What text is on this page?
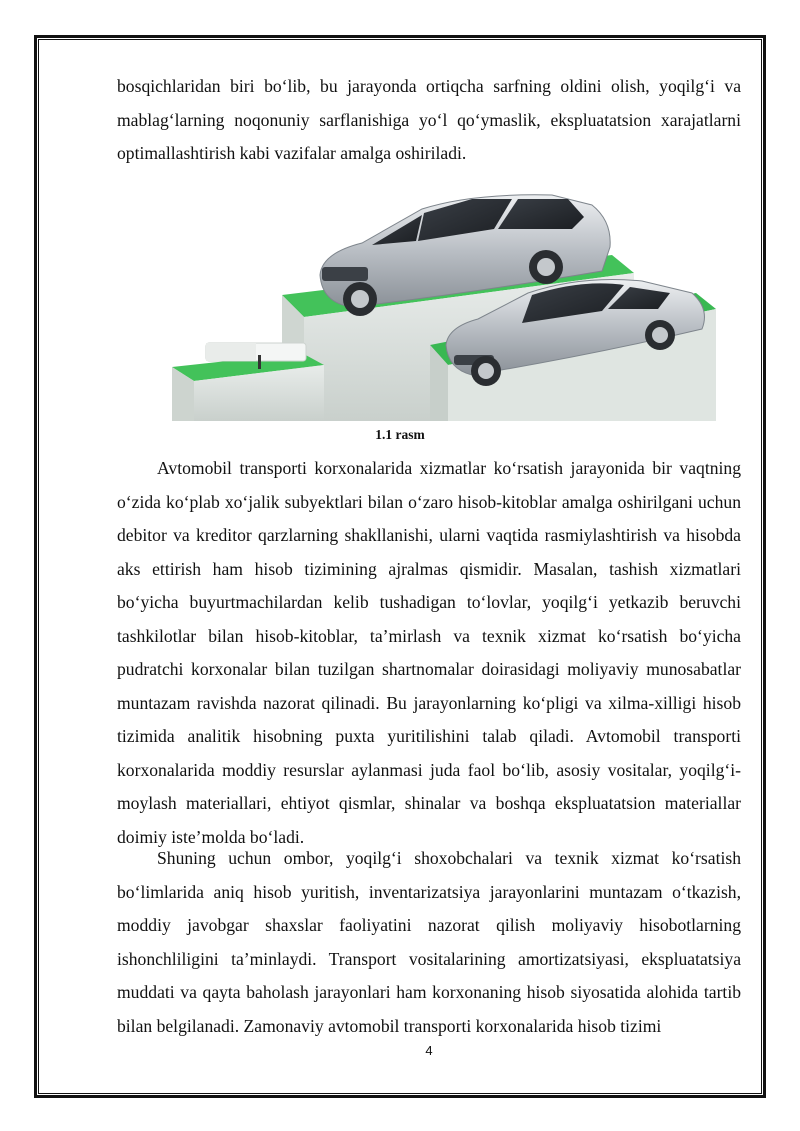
bosqichlaridan biri bo‘lib, bu jarayonda ortiqcha sarfning oldini olish, yoqilg‘i va mablag‘larning noqonuniy sarflanishiga yo‘l qo‘ymaslik, ekspluatatsion xarajatlarni optimallashtirish kabi vazifalar amalga oshiriladi.
1.1 rasm
Avtomobil transporti korxonalarida xizmatlar ko‘rsatish jarayonida bir vaqtning o‘zida ko‘plab xo‘jalik subyektlari bilan o‘zaro hisob-kitoblar amalga oshirilgani uchun debitor va kreditor qarzlarning shakllanishi, ularni vaqtida rasmiylashtirish va hisobda aks ettirish ham hisob tizimining ajralmas qismidir. Masalan, tashish xizmatlari bo‘yicha buyurtmachilardan kelib tushadigan to‘lovlar, yoqilg‘i yetkazib beruvchi tashkilotlar bilan hisob-kitoblar, ta’mirlash va texnik xizmat ko‘rsatish bo‘yicha pudratchi korxonalar bilan tuzilgan shartnomalar doirasidagi moliyaviy munosabatlar muntazam ravishda nazorat qilinadi. Bu jarayonlarning ko‘pligi va xilma-xilligi hisob tizimida analitik hisobning puxta yuritilishini talab qiladi. Avtomobil transporti korxonalarida moddiy resurslar aylanmasi juda faol bo‘lib, asosiy vositalar, yoqilg‘i-moylash materiallari, ehtiyot qismlar, shinalar va boshqa ekspluatatsion materiallar doimiy iste’molda bo‘ladi.
Shuning uchun ombor, yoqilg‘i shoxobchalari va texnik xizmat ko‘rsatish bo‘limlarida aniq hisob yuritish, inventarizatsiya jarayonlarini muntazam o‘tkazish, moddiy javobgar shaxslar faoliyatini nazorat qilish moliyaviy hisobotlarning ishonchliligini ta’minlaydi. Transport vositalarining amortizatsiyasi, ekspluatatsiya muddati va qayta baholash jarayonlari ham korxonaning hisob siyosatida alohida tartib bilan belgilanadi. Zamonaviy avtomobil transporti korxonalarida hisob tizimi
4
